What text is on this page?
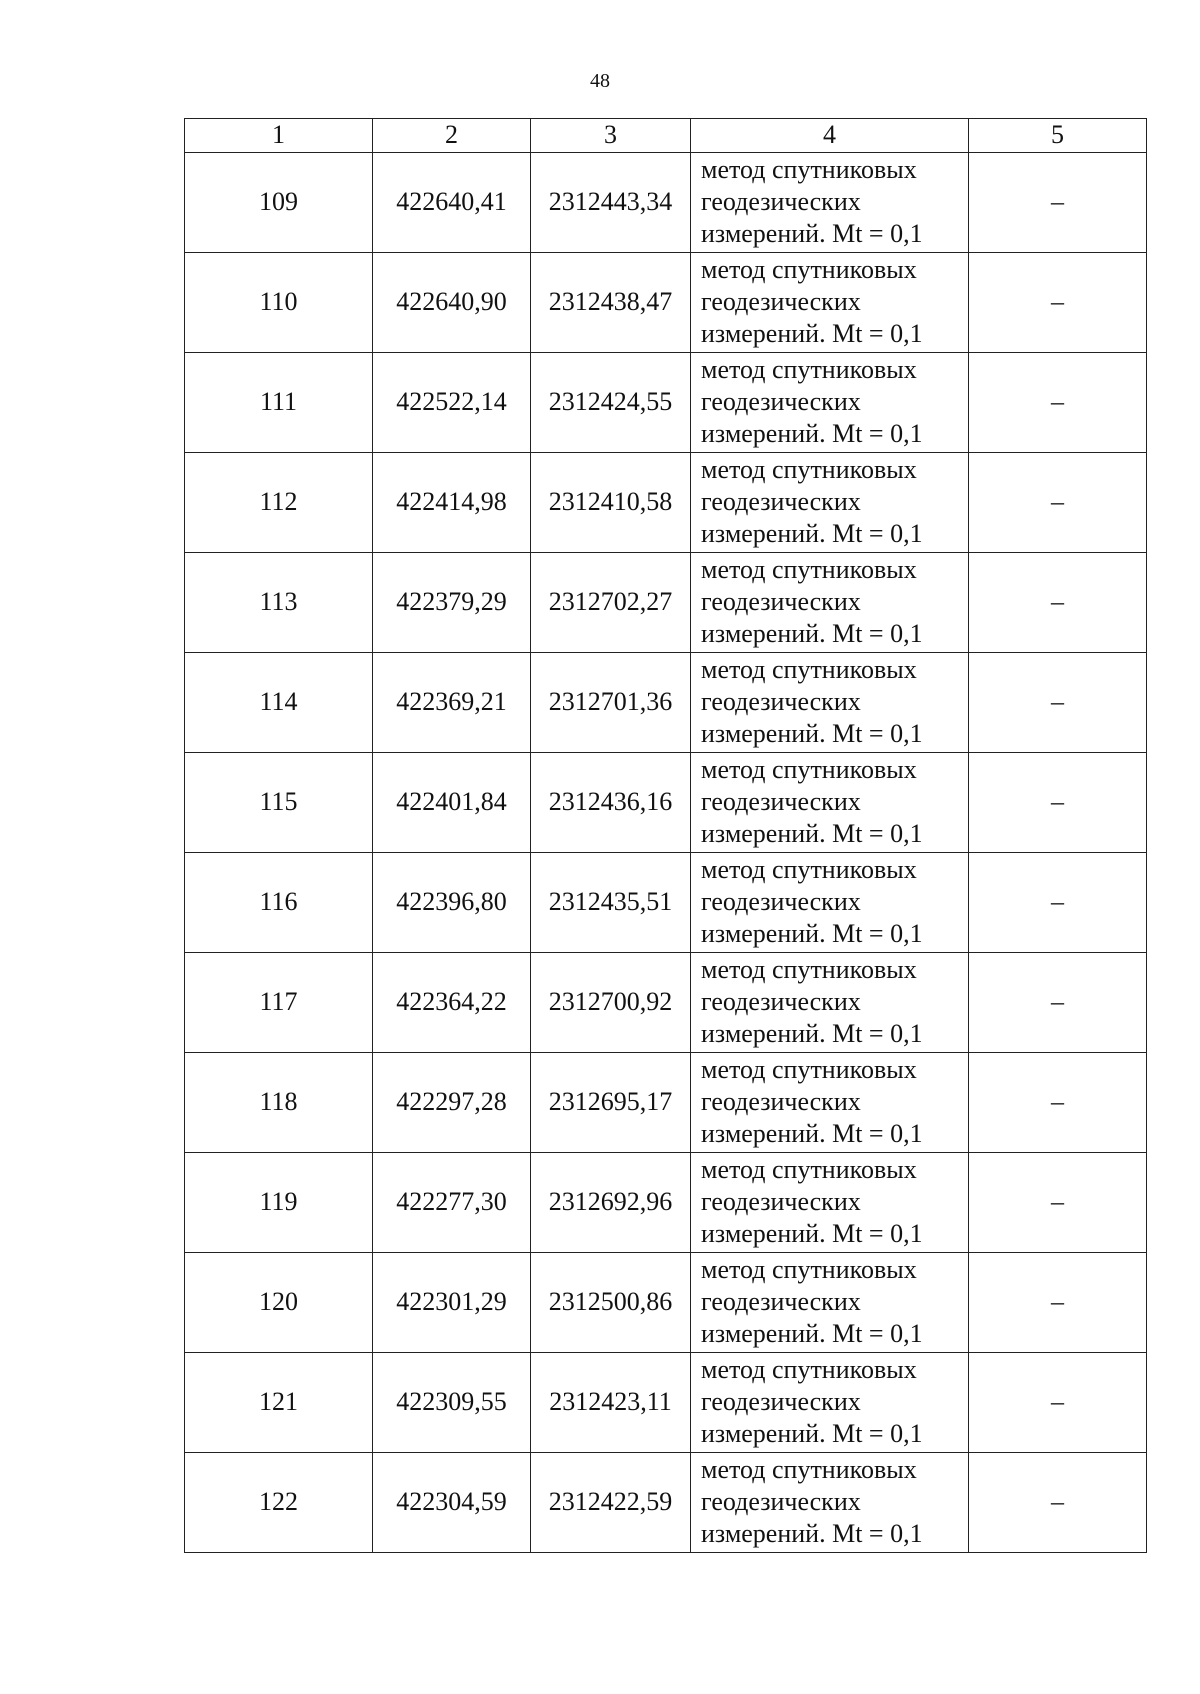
48
1	2	3	4	5
109	422640,41	2312443,34	метод спутниковых
геодезических
измерений. Mt = 0,1	–
110	422640,90	2312438,47	метод спутниковых
геодезических
измерений. Mt = 0,1	–
111	422522,14	2312424,55	метод спутниковых
геодезических
измерений. Mt = 0,1	–
112	422414,98	2312410,58	метод спутниковых
геодезических
измерений. Mt = 0,1	–
113	422379,29	2312702,27	метод спутниковых
геодезических
измерений. Mt = 0,1	–
114	422369,21	2312701,36	метод спутниковых
геодезических
измерений. Mt = 0,1	–
115	422401,84	2312436,16	метод спутниковых
геодезических
измерений. Mt = 0,1	–
116	422396,80	2312435,51	метод спутниковых
геодезических
измерений. Mt = 0,1	–
117	422364,22	2312700,92	метод спутниковых
геодезических
измерений. Mt = 0,1	–
118	422297,28	2312695,17	метод спутниковых
геодезических
измерений. Mt = 0,1	–
119	422277,30	2312692,96	метод спутниковых
геодезических
измерений. Mt = 0,1	–
120	422301,29	2312500,86	метод спутниковых
геодезических
измерений. Mt = 0,1	–
121	422309,55	2312423,11	метод спутниковых
геодезических
измерений. Mt = 0,1	–
122	422304,59	2312422,59	метод спутниковых
геодезических
измерений. Mt = 0,1	–
